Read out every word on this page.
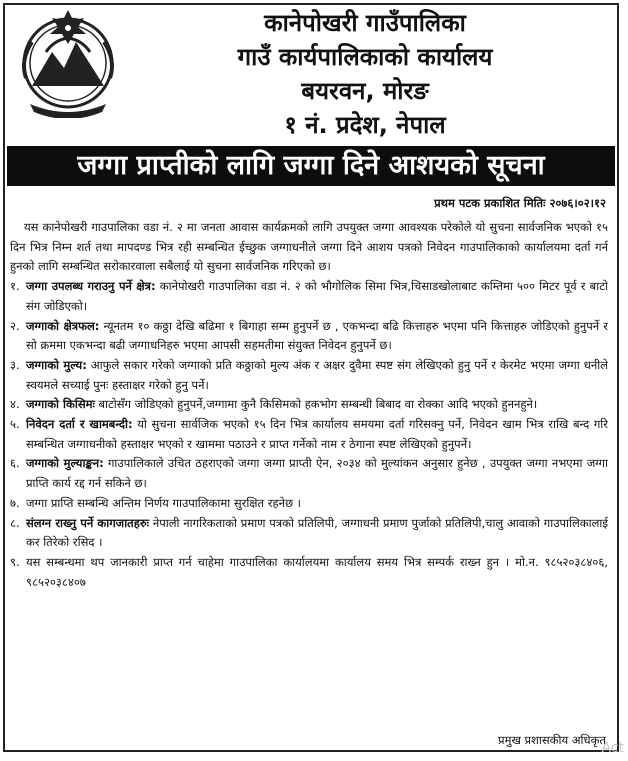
कानेपोखरी गाउँपालिका
गाउँ कार्यपालिकाको कार्यालय
बयरवन, मोरङ
१ नं. प्रदेश, नेपाल
जग्गा प्राप्तीको लागि जग्गा दिने आशयको सूचना
प्रथम पटक प्रकाशित मितिः २०७६।०२।१२

यस कानेपोखरी गाउपालिका वडा नं. २ मा जनता आवास कार्यक्रमको लागि उपयुक्त जग्गा आवश्यक परेकोले यो सुचना सार्वजनिक भएको १५ दिन भित्र निम्न शर्त तथा मापदण्ड भित्र रही सम्बन्धित ईच्छुक जग्गाधनीले जग्गा दिने आशय पत्रको निवेदन गाउपालिकाको कार्यालयमा दर्ता गर्न हुनको लागि सम्बन्धित सरोकारवाला सबैलाई यो सुचना सार्वजनिक गरिएको छ।

१. जग्गा उपलब्ध गराउनु पर्ने क्षेत्र: कानेपोखरी गाउपालिका वडा नं. २ को भौगोलिक सिमा भित्र,चिसाडखोलाबाट कम्तिमा ५०० मिटर पूर्व र बाटो संग जोडिएको।

२. जग्गाको क्षेत्रफल: न्यूनतम १० कठ्ठा देखि बढिमा १ बिगाहा सम्म हुनुपर्ने छ , एकभन्दा बढि कित्ताहरु भएमा पनि कित्ताहरु जोडिएको हुनुपर्ने र सो क्रममा एकभन्दा बढी जग्गाधनिहरु भएमा आपसी सहमतीमा संयुक्त निवेदन हुनुपर्ने छ।

३. जग्गाको मुल्य: आफुले सकार गरेको जग्गाको प्रति कठ्ठाको मुल्य अंक र अक्षर दुवैमा स्पष्ट संग लेखिएको हुनु पर्ने र केरमेट भएमा जग्गा धनीले स्वयमले सच्याई पुनः हस्ताक्षर गरेको हुनु पर्ने।

४. जग्गाको किसिमः बाटोसँग जोडिएको हुनुपर्ने,जग्गामा कुनै किसिमको हकभोग सम्बन्धी बिबाद वा रोक्का आदि भएको हुननहुने।

५. निवेदन दर्ता र खामबन्दी: यो सुचना सार्वजिक भएको १५ दिन भित्र कार्यालय समयमा दर्ता गरिसक्नु पर्ने, निवेदन खाम भित्र राखि बन्द गरि सम्बन्धित जग्गाधनीको हस्ताक्षर भएको र खाममा पठाउने र प्राप्त गर्नेको नाम र ठेगाना स्पष्ट लेखिएको हुनुपर्ने।

६. जग्गाको मुल्याङ्कन: गाउपालिकाले उचित ठहराएको जग्गा जग्गा प्राप्ती ऐन, २०३४ को मुल्यांकन अनुसार हुनेछ , उपयुक्त जग्गा नभएमा जग्गा प्राप्ति कार्य रद्द गर्न सकिने छ।

७. जग्गा प्राप्ति सम्बन्धि अन्तिम निर्णय गाउपालिकामा सुरक्षित रहनेछ ।

८. संलग्न राख्नु पर्ने कागजातहरुः नेपाली नागरिकताको प्रमाण पत्रको प्रतिलिपी, जग्गाधनी प्रमाण पुर्जाको प्रतिलिपी,चालु आवाको गाउपालिकालाई कर तिरेको रसिद ।

९. यस सम्बन्धमा थप जानकारी प्राप्त गर्न चाहेमा गाउपालिका कार्यालयमा कार्यालय समय भित्र सम्पर्क राख्न हुन । मो.न. ९८५२०३८४०६, ९८५२०३८४०७

प्रमुख प्रशासकीय अधिकृत
Act
